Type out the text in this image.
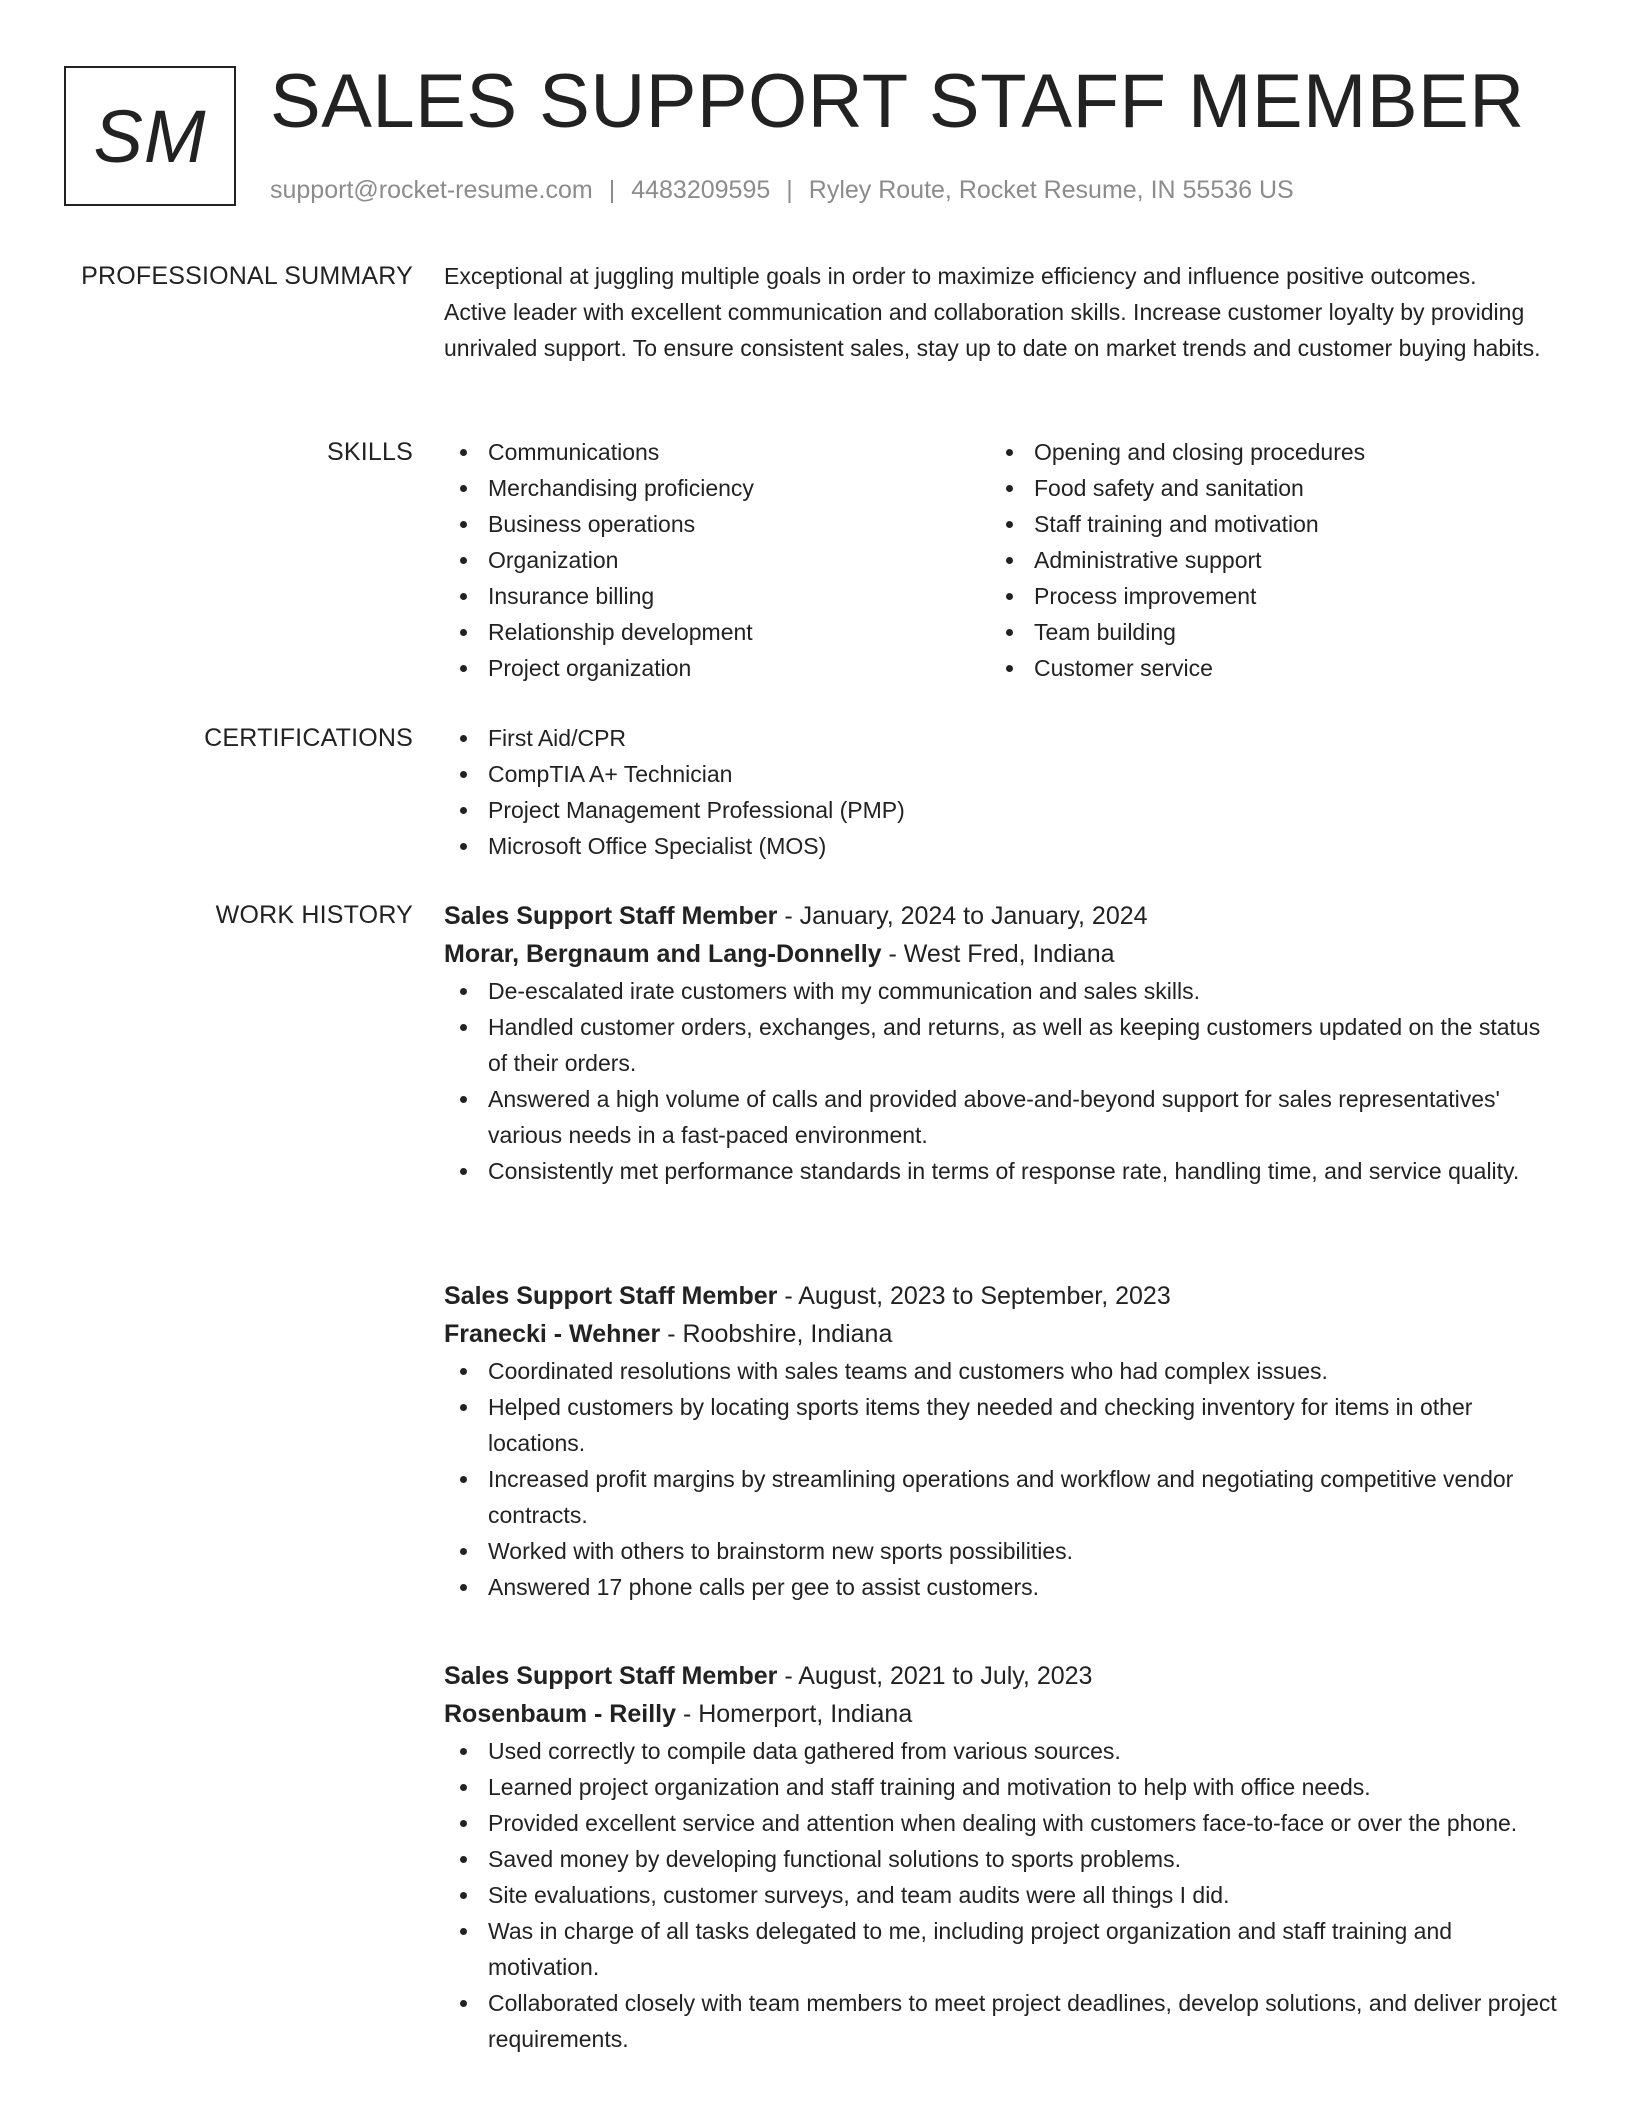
SM SALES SUPPORT STAFF MEMBER
support@rocket-resume.com | 4483209595 | Ryley Route, Rocket Resume, IN 55536 US
PROFESSIONAL SUMMARY Exceptional at juggling multiple goals in order to maximize efficiency and influence positive outcomes. Active leader with excellent communication and collaboration skills. Increase customer loyalty by providing unrivaled support. To ensure consistent sales, stay up to date on market trends and customer buying habits.

SKILLS	Communications
Merchandising proficiency
Business operations
Organization
Insurance billing
Relationship development
Project organization
Opening and closing procedures
Food safety and sanitation
Staff training and motivation
Administrative support
Process improvement
Team building
Customer service
CERTIFICATIONS	First Aid/CPR
CompTIA A+ Technician
Project Management Professional (PMP)
Microsoft Office Specialist (MOS)
WORK HISTORY Sales Support Staff Member - January, 2024 to January, 2024
Morar, Bergnaum and Lang-Donnelly - West Fred, Indiana
De-escalated irate customers with my communication and sales skills.
Handled customer orders, exchanges, and returns, as well as keeping customers updated on the status of their orders.
Answered a high volume of calls and provided above-and-beyond support for sales representatives' various needs in a fast-paced environment.
Consistently met performance standards in terms of response rate, handling time, and service quality.
Sales Support Staff Member - August, 2023 to September, 2023
Franecki - Wehner - Roobshire, Indiana
Coordinated resolutions with sales teams and customers who had complex issues.
Helped customers by locating sports items they needed and checking inventory for items in other locations.
Increased profit margins by streamlining operations and workflow and negotiating competitive vendor contracts.
Worked with others to brainstorm new sports possibilities.
Answered 17 phone calls per gee to assist customers.
Sales Support Staff Member - August, 2021 to July, 2023
Rosenbaum - Reilly - Homerport, Indiana
Used correctly to compile data gathered from various sources.
Learned project organization and staff training and motivation to help with office needs.
Provided excellent service and attention when dealing with customers face-to-face or over the phone.
Saved money by developing functional solutions to sports problems.
Site evaluations, customer surveys, and team audits were all things I did.
Was in charge of all tasks delegated to me, including project organization and staff training and motivation.
Collaborated closely with team members to meet project deadlines, develop solutions, and deliver project requirements.
